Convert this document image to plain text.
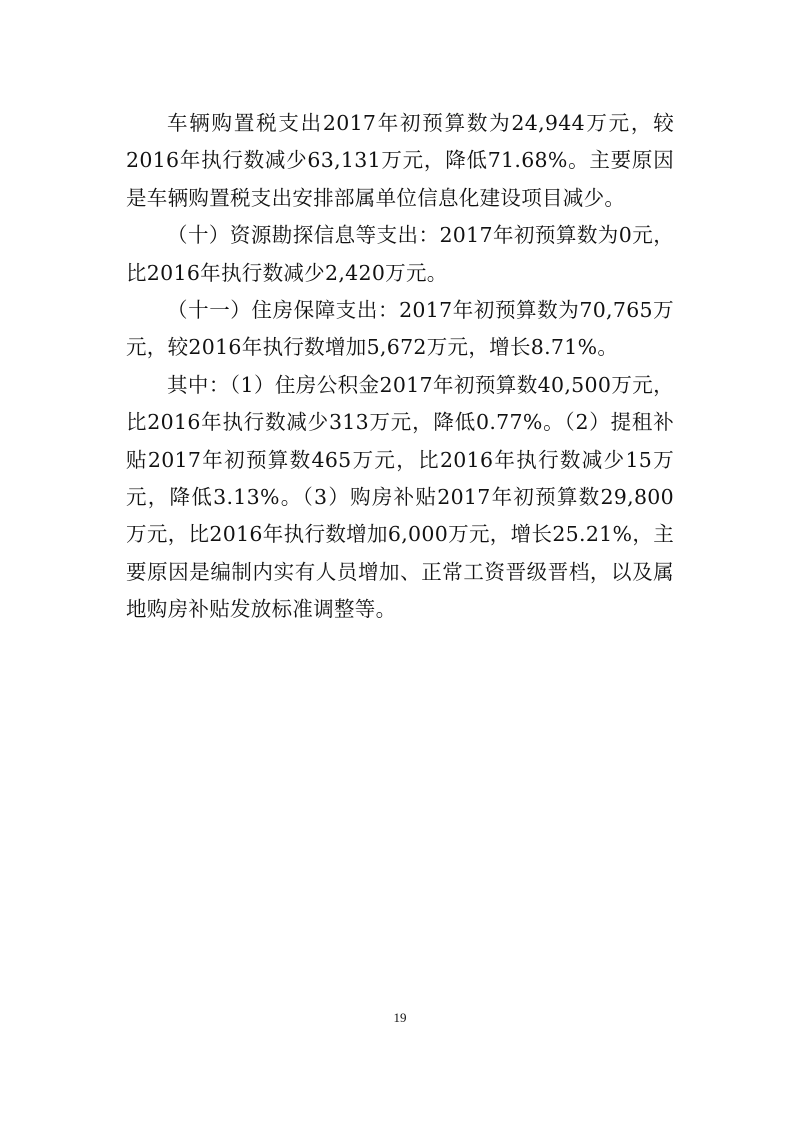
车辆购置税支出2017年初预算数为24,944万元，较2016年执行数减少63,131万元，降低71.68%。主要原因是车辆购置税支出安排部属单位信息化建设项目减少。

（十）资源勘探信息等支出：2017年初预算数为0元，比2016年执行数减少2,420万元。

（十一）住房保障支出：2017年初预算数为70,765万元，较2016年执行数增加5,672万元，增长8.71%。

其中：（1）住房公积金2017年初预算数40,500万元，比2016年执行数减少313万元，降低0.77%。（2）提租补贴2017年初预算数465万元，比2016年执行数减少15万元，降低3.13%。（3）购房补贴2017年初预算数29,800万元，比2016年执行数增加6,000万元，增长25.21%，主要原因是编制内实有人员增加、正常工资晋级晋档，以及属地购房补贴发放标准调整等。

19
